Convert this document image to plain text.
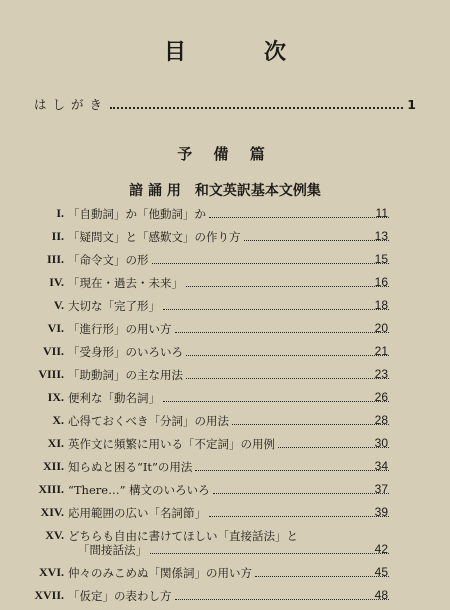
目　次
はしがき	1
予 備 篇
諳 誦 用　和文英訳基本文例集
I. 「自動詞」か「他動詞」か	11
II. 「疑問文」と「感歎文」の作り方	13
III. 「命令文」の形	15
IV. 「現在・過去・未来」	16
V. 大切な「完了形」	18
VI. 「進行形」の用い方	20
VII. 「受身形」のいろいろ	21
VIII. 「助動詞」の主な用法	23
IX. 便利な「動名詞」	26
X. 心得ておくべき「分詞」の用法	28
XI. 英作文に頻繁に用いる「不定詞」の用例	30
XII. 知らぬと困る“It”の用法	34
XIII. “There…” 構文のいろいろ	37
XIV. 応用範囲の広い「名詞節」	39
XV. どちらも自由に書けてほしい「直接話法」と
「間接話法」	42
XVI. 仲々のみこめぬ「関係詞」の用い方	45
XVII. 「仮定」の表わし方	48
